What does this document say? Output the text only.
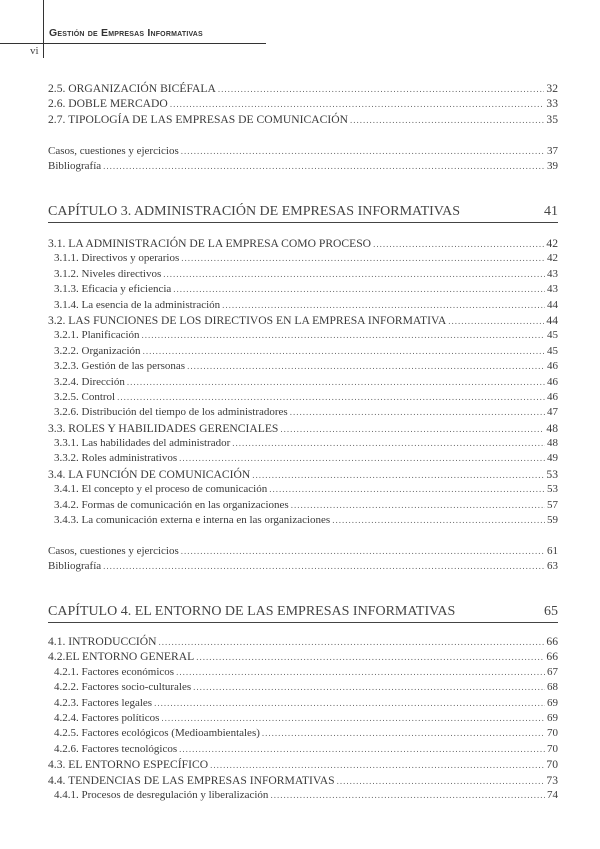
Gestión de Empresas Informativas
vi
2.5. ORGANIZACIÓN BICÉFALA .....	32
2.6. DOBLE MERCADO .....	33
2.7. TIPOLOGÍA DE LAS EMPRESAS DE COMUNICACIÓN .....	35
Casos, cuestiones y ejercicios .....	37
Bibliografía .....	39
CAPÍTULO 3. ADMINISTRACIÓN DE EMPRESAS INFORMATIVAS	41
3.1. LA ADMINISTRACIÓN DE LA EMPRESA COMO PROCESO .....	42
3.1.1. Directivos y operarios .....	42
3.1.2. Niveles directivos .....	43
3.1.3. Eficacia y eficiencia .....	43
3.1.4. La esencia de la administración .....	44
3.2. LAS FUNCIONES DE LOS DIRECTIVOS EN LA EMPRESA INFORMATIVA .....	44
3.2.1. Planificación .....	45
3.2.2. Organización .....	45
3.2.3. Gestión de las personas .....	46
3.2.4. Dirección .....	46
3.2.5. Control .....	46
3.2.6. Distribución del tiempo de los administradores .....	47
3.3. ROLES Y HABILIDADES GERENCIALES .....	48
3.3.1. Las habilidades del administrador .....	48
3.3.2. Roles administrativos .....	49
3.4. LA FUNCIÓN DE COMUNICACIÓN .....	53
3.4.1. El concepto y el proceso de comunicación .....	53
3.4.2. Formas de comunicación en las organizaciones .....	57
3.4.3. La comunicación externa e interna en las organizaciones .....	59
Casos, cuestiones y ejercicios .....	61
Bibliografía .....	63
CAPÍTULO 4. EL ENTORNO DE LAS EMPRESAS INFORMATIVAS	65
4.1. INTRODUCCIÓN .....	66
4.2.EL ENTORNO GENERAL .....	66
4.2.1. Factores económicos .....	67
4.2.2. Factores socio-culturales .....	68
4.2.3. Factores legales .....	69
4.2.4. Factores políticos .....	69
4.2.5. Factores ecológicos (Medioambientales) .....	70
4.2.6. Factores tecnológicos .....	70
4.3. EL ENTORNO ESPECÍFICO .....	70
4.4. TENDENCIAS DE LAS EMPRESAS INFORMATIVAS .....	73
4.4.1. Procesos de desregulación y liberalización .....	74
